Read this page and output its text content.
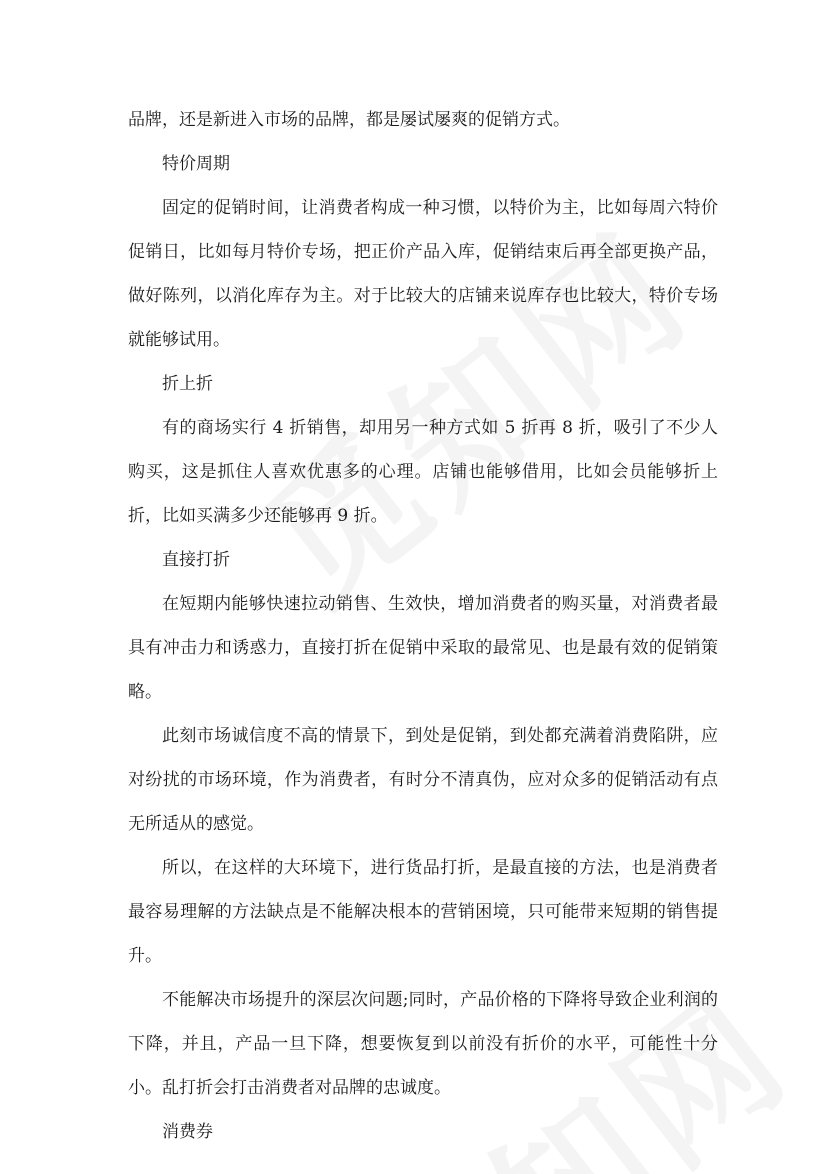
品牌，还是新进入市场的品牌，都是屡试屡爽的促销方式。

特价周期

固定的促销时间，让消费者构成一种习惯，以特价为主，比如每周六特价促销日，比如每月特价专场，把正价产品入库，促销结束后再全部更换产品，做好陈列，以消化库存为主。对于比较大的店铺来说库存也比较大，特价专场就能够试用。

折上折

有的商场实行 4 折销售，却用另一种方式如 5 折再 8 折，吸引了不少人购买，这是抓住人喜欢优惠多的心理。店铺也能够借用，比如会员能够折上折，比如买满多少还能够再 9 折。

直接打折

在短期内能够快速拉动销售、生效快，增加消费者的购买量，对消费者最具有冲击力和诱惑力，直接打折在促销中采取的最常见、也是最有效的促销策略。

此刻市场诚信度不高的情景下，到处是促销，到处都充满着消费陷阱，应对纷扰的市场环境，作为消费者，有时分不清真伪，应对众多的促销活动有点无所适从的感觉。

所以，在这样的大环境下，进行货品打折，是最直接的方法，也是消费者最容易理解的方法缺点是不能解决根本的营销困境，只可能带来短期的销售提升。

不能解决市场提升的深层次问题;同时，产品价格的下降将导致企业利润的下降，并且，产品一旦下降，想要恢复到以前没有折价的水平，可能性十分小。乱打折会打击消费者对品牌的忠诚度。

消费券
